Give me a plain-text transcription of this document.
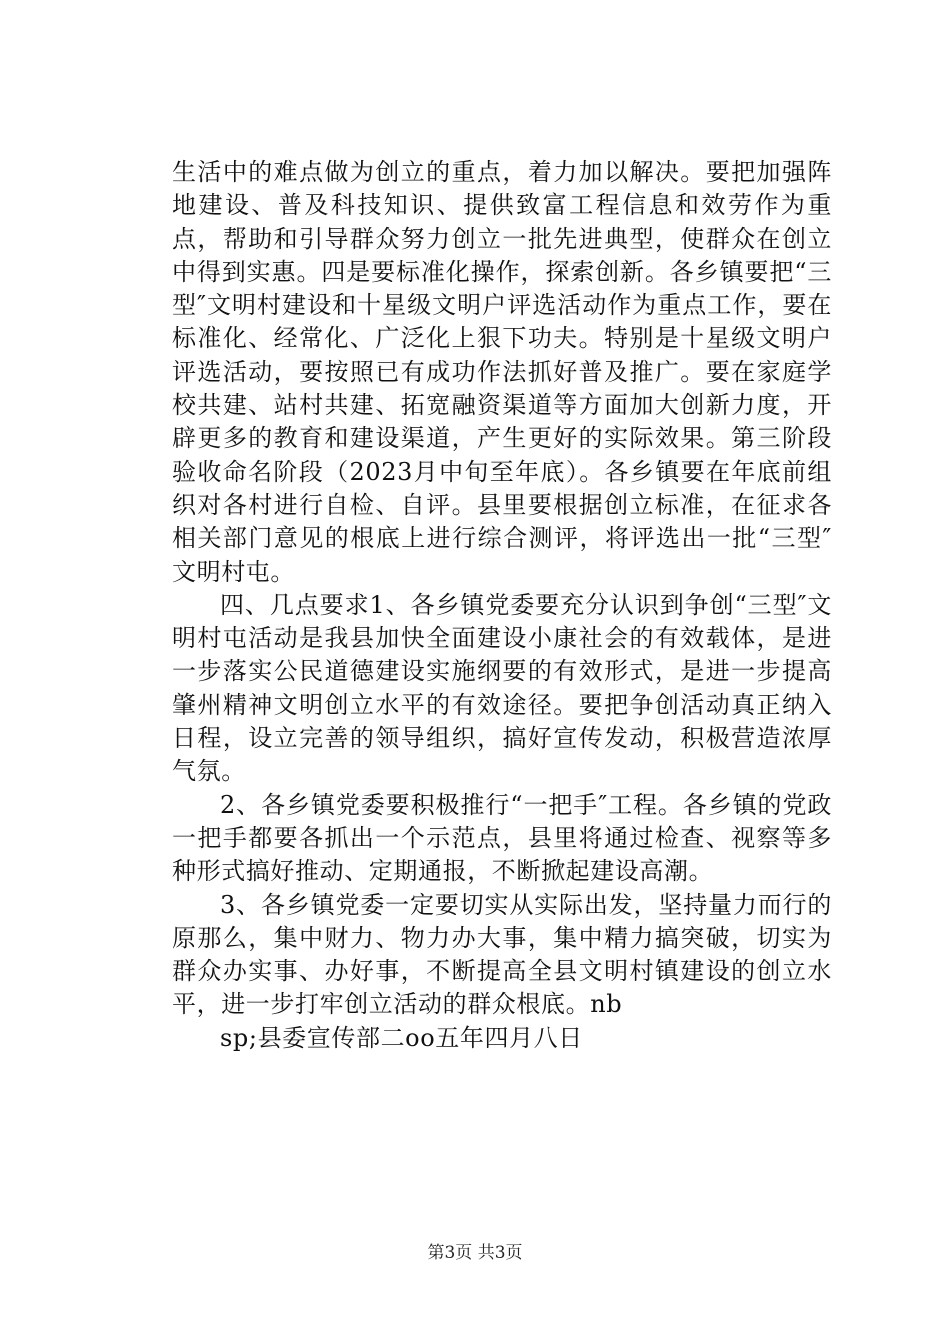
生活中的难点做为创立的重点，着力加以解决。要把加强阵地建设、普及科技知识、提供致富工程信息和效劳作为重点，帮助和引导群众努力创立一批先进典型，使群众在创立中得到实惠。四是要标准化操作，探索创新。各乡镇要把“三型″文明村建设和十星级文明户评选活动作为重点工作，要在标准化、经常化、广泛化上狠下功夫。特别是十星级文明户评选活动，要按照已有成功作法抓好普及推广。要在家庭学校共建、站村共建、拓宽融资渠道等方面加大创新力度，开辟更多的教育和建设渠道，产生更好的实际效果。第三阶段验收命名阶段（2023月中旬至年底）。各乡镇要在年底前组织对各村进行自检、自评。县里要根据创立标准，在征求各相关部门意见的根底上进行综合测评，将评选出一批“三型″文明村屯。

四、几点要求1、各乡镇党委要充分认识到争创“三型″文明村屯活动是我县加快全面建设小康社会的有效载体，是进一步落实公民道德建设实施纲要的有效形式，是进一步提高肇州精神文明创立水平的有效途径。要把争创活动真正纳入日程，设立完善的领导组织，搞好宣传发动，积极营造浓厚气氛。

2、各乡镇党委要积极推行“一把手″工程。各乡镇的党政一把手都要各抓出一个示范点，县里将通过检查、视察等多种形式搞好推动、定期通报，不断掀起建设高潮。

3、各乡镇党委一定要切实从实际出发，坚持量力而行的原那么，集中财力、物力办大事，集中精力搞突破，切实为群众办实事、办好事，不断提高全县文明村镇建设的创立水平，进一步打牢创立活动的群众根底。nb

sp;县委宣传部二oo五年四月八日

第3页 共3页
